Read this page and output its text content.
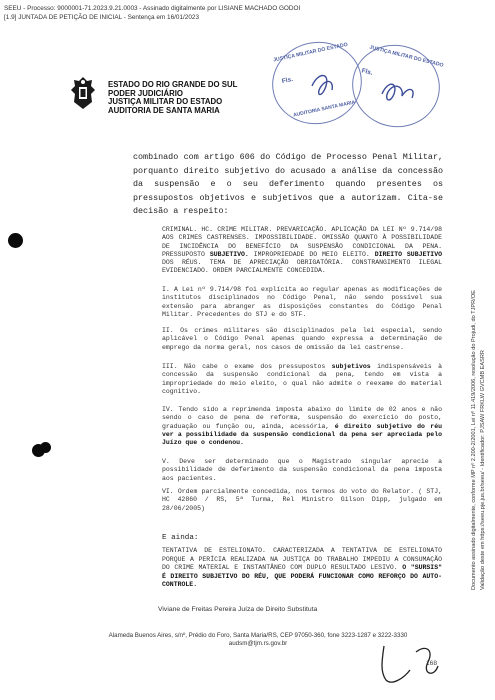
SEEU - Processo: 9000001-71.2023.9.21.0003 - Assinado digitalmente por LISIANE MACHADO GODOI
[1.9] JUNTADA DE PETIÇÃO DE INICIAL - Sentença em 16/01/2023
ESTADO DO RIO GRANDE DO SUL
PODER JUDICIÁRIO
JUSTIÇA MILITAR DO ESTADO
AUDITORIA DE SANTA MARIA
JUSTIÇA MILITAR DO ESTADO
Fls.
AUDITORIA SANTA MARIA
JUSTIÇA MILITAR DO ESTADO
Fls.
Documento assinado digitalmente, conforme MP nº 2.200-2/2001, Lei nº 11.419/2006, resolução do Projudi, do TJPR/OE Validação deste em https://seeu.pje.jus.br/seeu/ - Identificador: PJSAW FRKLW GVCMB EASRR

combinado com artigo 606 do Código de Processo Penal Militar, porquanto direito subjetivo do acusado a análise da concessão da suspensão e o seu deferimento quando presentes os pressupostos objetivos e subjetivos que a autorizam. Cita-se decisão a respeito:

CRIMINAL. HC. CRIME MILITAR. PREVARICAÇÃO. APLICAÇÃO DA LEI Nº 9.714/98 AOS CRIMES CASTRENSES. IMPOSSIBILIDADE. OMISSÃO QUANTO À POSSIBILIDADE DE INCIDÊNCIA DO BENEFÍCIO DA SUSPENSÃO CONDICIONAL DA PENA. PRESSUPOSTO SUBJETIVO. IMPROPRIEDADE DO MEIO ELEITO. DIREITO SUBJETIVO DOS RÉUS. TEMA DE APRECIAÇÃO OBRIGATÓRIA. CONSTRANGIMENTO ILEGAL EVIDENCIADO. ORDEM PARCIALMENTE CONCEDIDA.

I. A Lei nº 9.714/98 foi explícita ao regular apenas as modificações de institutos disciplinados no Código Penal, não sendo possível sua extensão para abranger as disposições constantes do Código Penal Militar. Precedentes do STJ e do STF.

II. Os crimes militares são disciplinados pela lei especial, sendo aplicável o Código Penal apenas quando expressa a determinação de emprego da norma geral, nos casos de omissão da lei castrense.

III. Não cabe o exame dos pressupostos subjetivos indispensáveis à concessão da suspensão condicional da pena, tendo em vista a impropriedade do meio eleito, o qual não admite o reexame do material cognitivo.

IV. Tendo sido a reprimenda imposta abaixo do limite de 02 anos e não sendo o caso de pena de reforma, suspensão do exercício do posto, graduação ou função ou, ainda, acessória, é direito subjetivo do réu ver a possibilidade da suspensão condicional da pena ser apreciada pelo Juízo que o condenou.

V. Deve ser determinado que o Magistrado singular aprecie a possibilidade de deferimento da suspensão condicional da pena imposta aos pacientes.

VI. Ordem parcialmente concedida, nos termos do voto do Relator. ( STJ, HC 42860 / RS, 5ª Turma, Rel Ministro Gilson Dipp, julgado em 28/06/2005)

E ainda:

TENTATIVA DE ESTELIONATO. CARACTERIZADA A TENTATIVA DE ESTELIONATO PORQUE A PERÍCIA REALIZADA NA JUSTIÇA DO TRABALHO IMPEDIU A CONSUMAÇÃO DO CRIME MATERIAL E INSTANTÂNEO COM DUPLO RESULTADO LESIVO. O "SURSIS" É DIREITO SUBJETIVO DO RÉU, QUE PODERÁ FUNCIONAR COMO REFORÇO DO AUTO-CONTROLE.

Viviane de Freitas Pereira Juíza de Direito Substituta
Alameda Buenos Aires, s/nº, Prédio do Foro, Santa Maria/RS, CEP 97050-360, fone 3223-1287 e 3222-3330
audsm@tjm.rs.gov.br
168
